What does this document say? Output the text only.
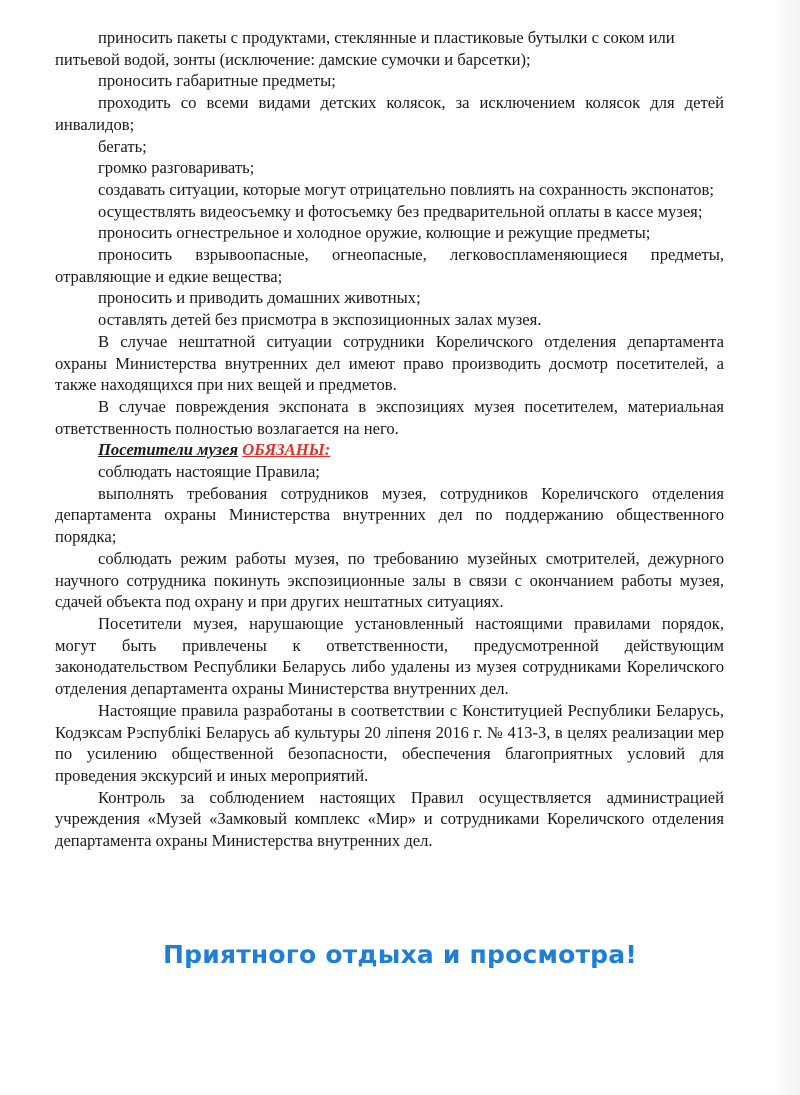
приносить пакеты с продуктами, стеклянные и пластиковые бутылки с соком или питьевой водой, зонты (исключение: дамские сумочки и барсетки);

проносить габаритные предметы;

проходить со всеми видами детских колясок, за исключением колясок для детей инвалидов;

бегать;

громко разговаривать;

создавать ситуации, которые могут отрицательно повлиять на сохранность экспонатов;

осуществлять видеосъемку и фотосъемку без предварительной оплаты в кассе музея;

проносить огнестрельное и холодное оружие, колющие и режущие предметы;

проносить взрывоопасные, огнеопасные, легковоспламеняющиеся предметы, отравляющие и едкие вещества;

проносить и приводить домашних животных;

оставлять детей без присмотра в экспозиционных залах музея.

В случае нештатной ситуации сотрудники Кореличского отделения департамента охраны Министерства внутренних дел имеют право производить досмотр посетителей, а также находящихся при них вещей и предметов.

В случае повреждения экспоната в экспозициях музея посетителем, материальная ответственность полностью возлагается на него.

Посетители музея ОБЯЗАНЫ:

соблюдать настоящие Правила;

выполнять требования сотрудников музея, сотрудников Кореличского отделения департамента охраны Министерства внутренних дел по поддержанию общественного порядка;

соблюдать режим работы музея, по требованию музейных смотрителей, дежурного научного сотрудника покинуть экспозиционные залы в связи с окончанием работы музея, сдачей объекта под охрану и при других нештатных ситуациях.

Посетители музея, нарушающие установленный настоящими правилами порядок, могут быть привлечены к ответственности, предусмотренной действующим законодательством Республики Беларусь либо удалены из музея сотрудниками Кореличского отделения департамента охраны Министерства внутренних дел.

Настоящие правила разработаны в соответствии с Конституцией Республики Беларусь, Кодэксам Рэспублікі Беларусь аб культуры 20 ліпеня 2016 г. № 413-З, в целях реализации мер по усилению общественной безопасности, обеспечения благоприятных условий для проведения экскурсий и иных мероприятий.

Контроль за соблюдением настоящих Правил осуществляется администрацией учреждения «Музей «Замковый комплекс «Мир» и сотрудниками Кореличского отделения департамента охраны Министерства внутренних дел.

Приятного отдыха и просмотра!
